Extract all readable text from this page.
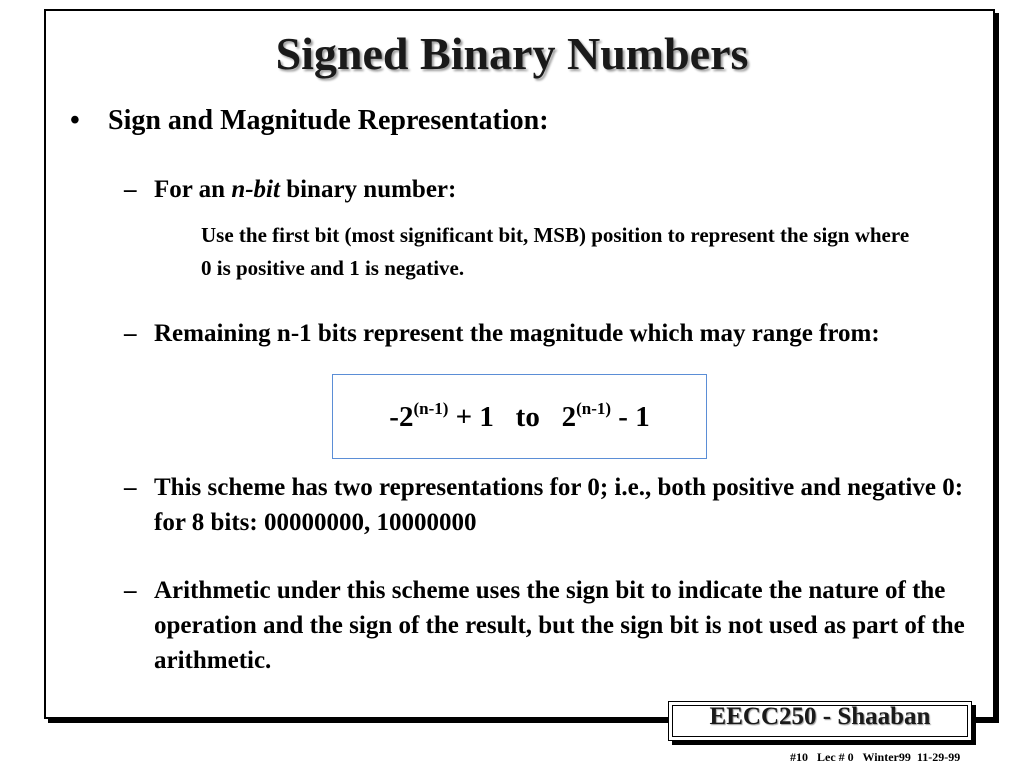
Signed Binary Numbers
• Sign and Magnitude Representation:
– For an n-bit binary number:
Use the first bit (most significant bit, MSB) position to represent the sign where 0 is positive and 1 is negative.
– Remaining n-1 bits represent the magnitude which may range from:
$-2^{(n-1)} + 1$   to   2$^{(n-1)}$ - 1
– This scheme has two representations for 0; i.e., both positive and negative 0: for 8 bits: 00000000, 10000000
– Arithmetic under this scheme uses the sign bit to indicate the nature of the operation and the sign of the result, but the sign bit is not used as part of the arithmetic.
EECC250 - Shaaban
#10   Lec # 0   Winter99  11-29-99
